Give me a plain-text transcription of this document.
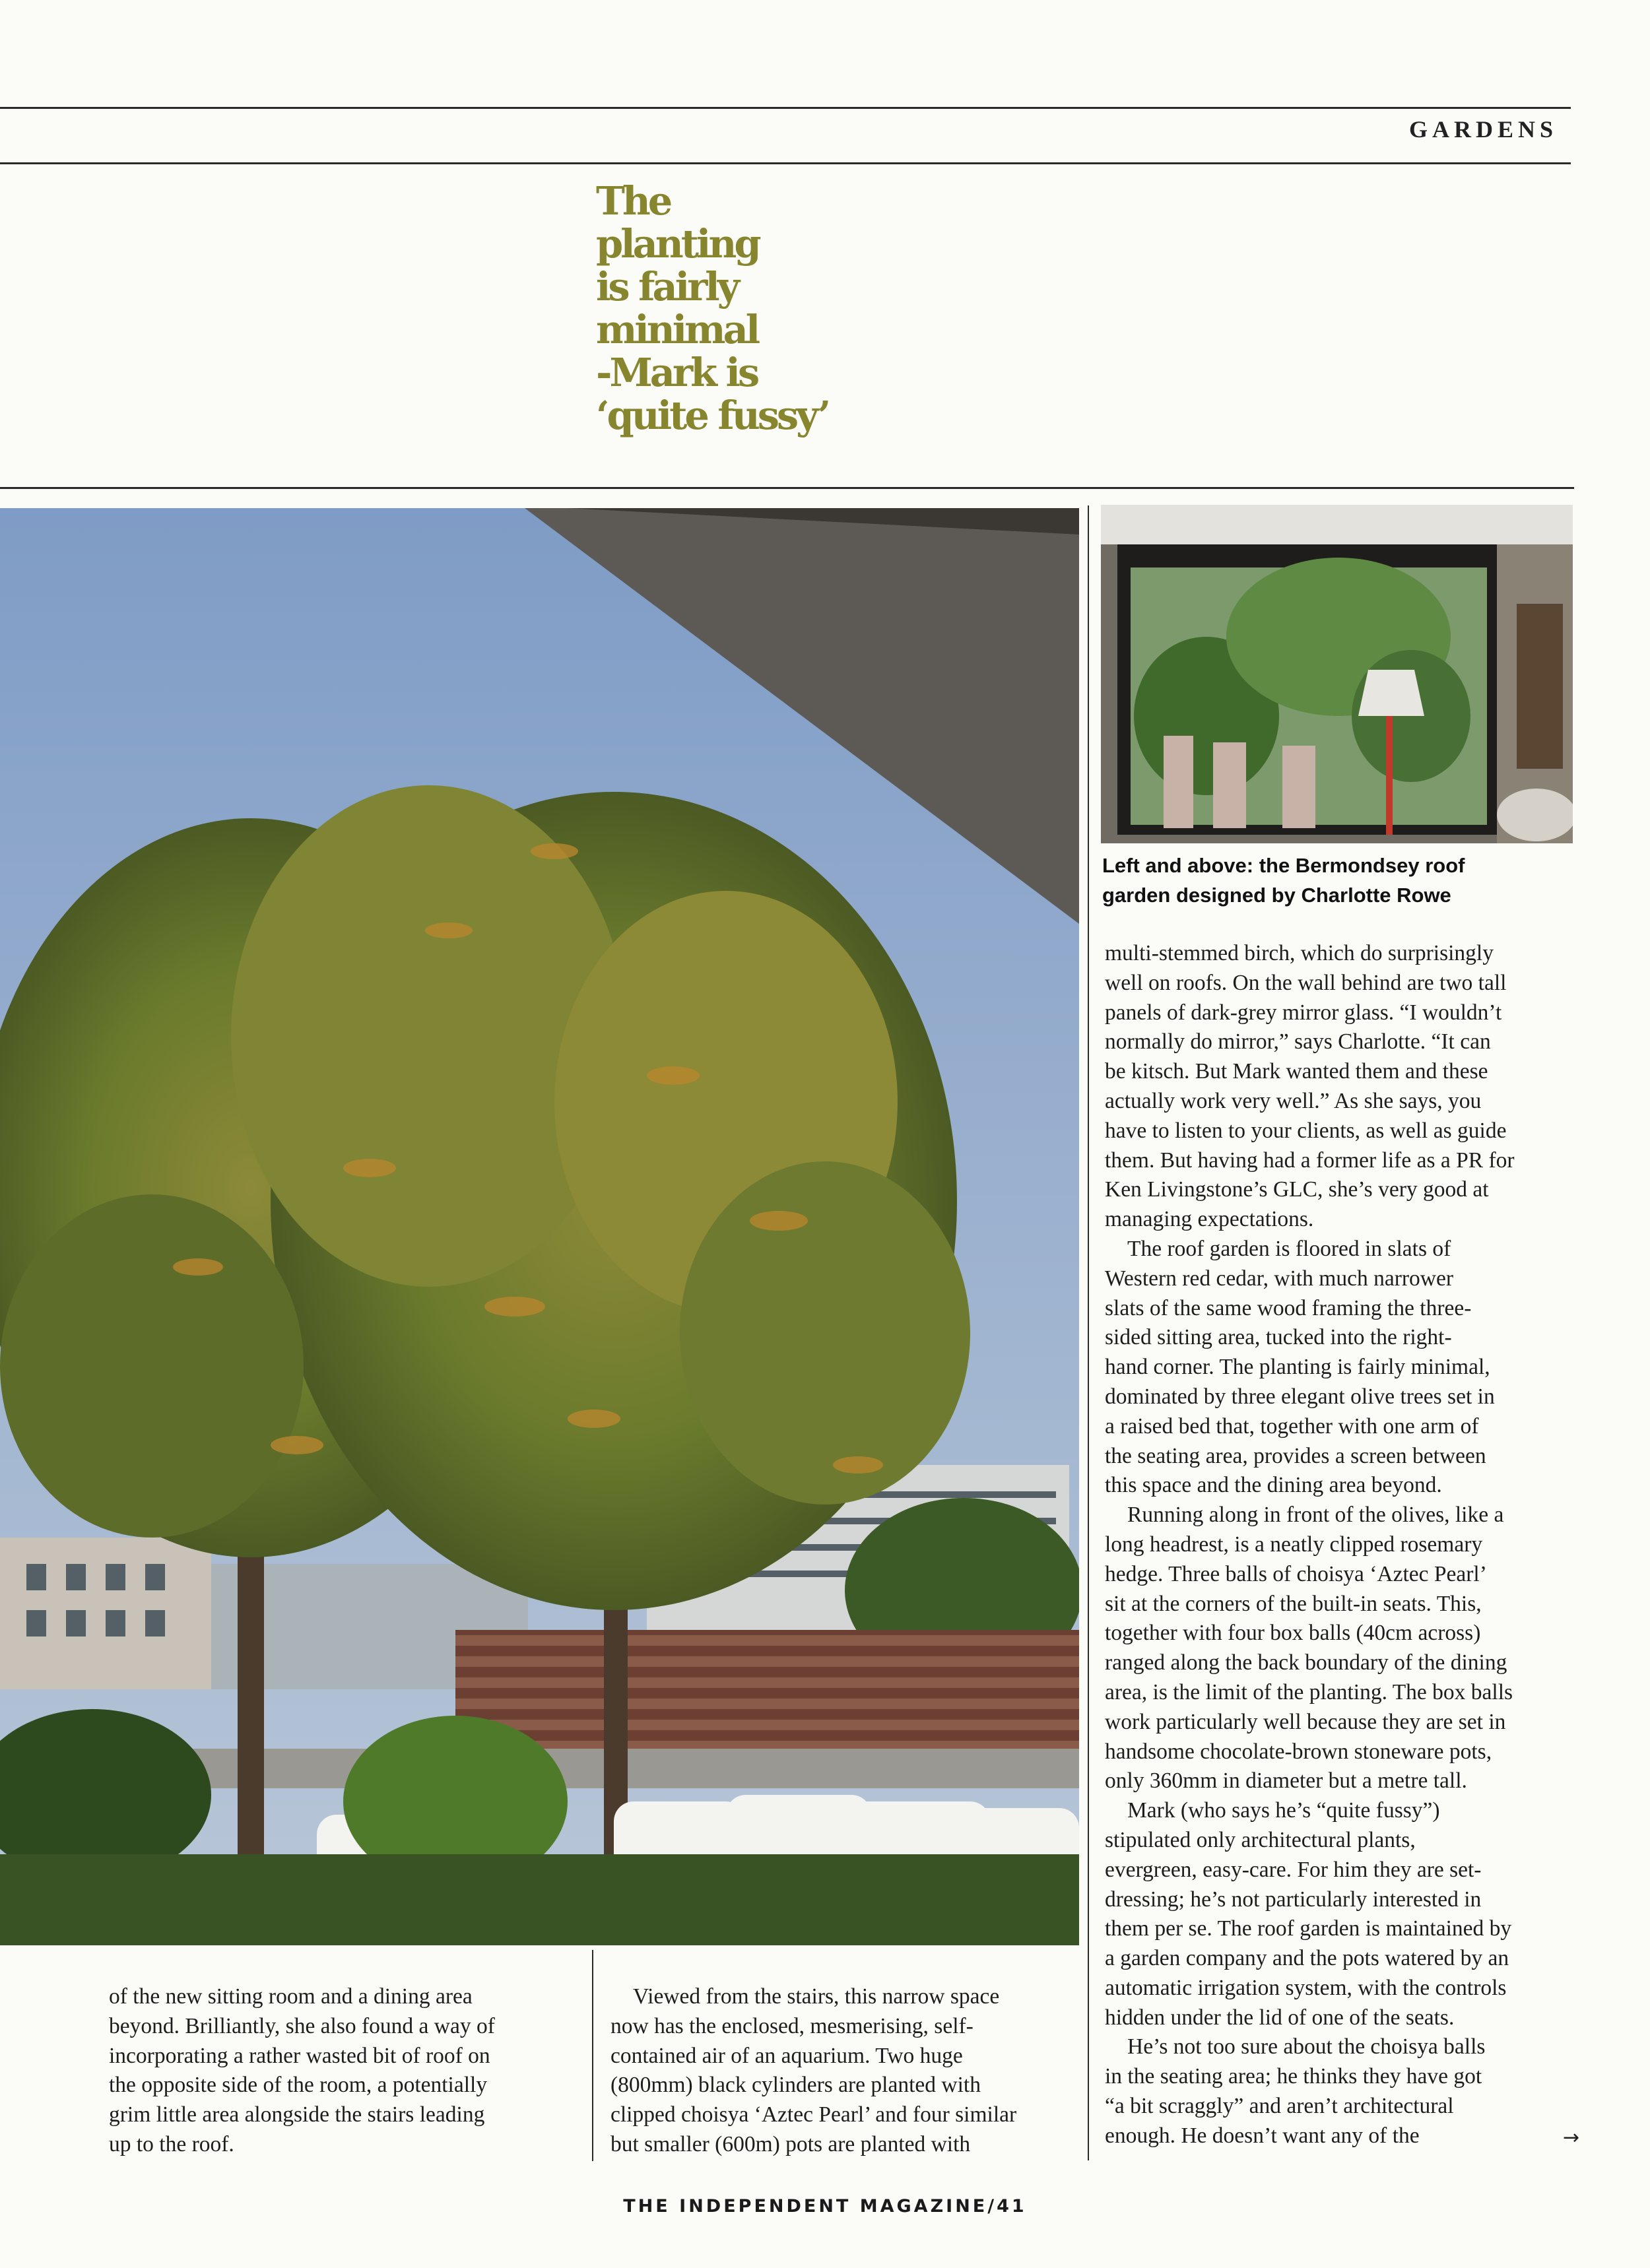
GARDENS
The
planting
is fairly
minimal
-Mark is
‘quite fussy’
Left and above: the Bermondsey roof
garden designed by Charlotte Rowe
multi-stemmed birch, which do surprisingly
well on roofs. On the wall behind are two tall
panels of dark-grey mirror glass. “I wouldn’t
normally do mirror,” says Charlotte. “It can
be kitsch. But Mark wanted them and these
actually work very well.” As she says, you
have to listen to your clients, as well as guide
them. But having had a former life as a PR for
Ken Livingstone’s GLC, she’s very good at
managing expectations.
The roof garden is floored in slats of
Western red cedar, with much narrower
slats of the same wood framing the three-
sided sitting area, tucked into the right-
hand corner. The planting is fairly minimal,
dominated by three elegant olive trees set in
a raised bed that, together with one arm of
the seating area, provides a screen between
this space and the dining area beyond.
Running along in front of the olives, like a
long headrest, is a neatly clipped rosemary
hedge. Three balls of choisya ‘Aztec Pearl’
sit at the corners of the built-in seats. This,
together with four box balls (40cm across)
ranged along the back boundary of the dining
area, is the limit of the planting. The box balls
work particularly well because they are set in
handsome chocolate-brown stoneware pots,
only 360mm in diameter but a metre tall.
Mark (who says he’s “quite fussy”)
stipulated only architectural plants,
evergreen, easy-care. For him they are set-
dressing; he’s not particularly interested in
them per se. The roof garden is maintained by
a garden company and the pots watered by an
automatic irrigation system, with the controls
hidden under the lid of one of the seats.
He’s not too sure about the choisya balls
in the seating area; he thinks they have got
“a bit scraggly” and aren’t architectural
enough. He doesn’t want any of the	→
of the new sitting room and a dining area
beyond. Brilliantly, she also found a way of
incorporating a rather wasted bit of roof on
the opposite side of the room, a potentially
grim little area alongside the stairs leading
up to the roof.
Viewed from the stairs, this narrow space
now has the enclosed, mesmerising, self-
contained air of an aquarium. Two huge
(800mm) black cylinders are planted with
clipped choisya ‘Aztec Pearl’ and four similar
but smaller (600m) pots are planted with
THE INDEPENDENT MAGAZINE/41
